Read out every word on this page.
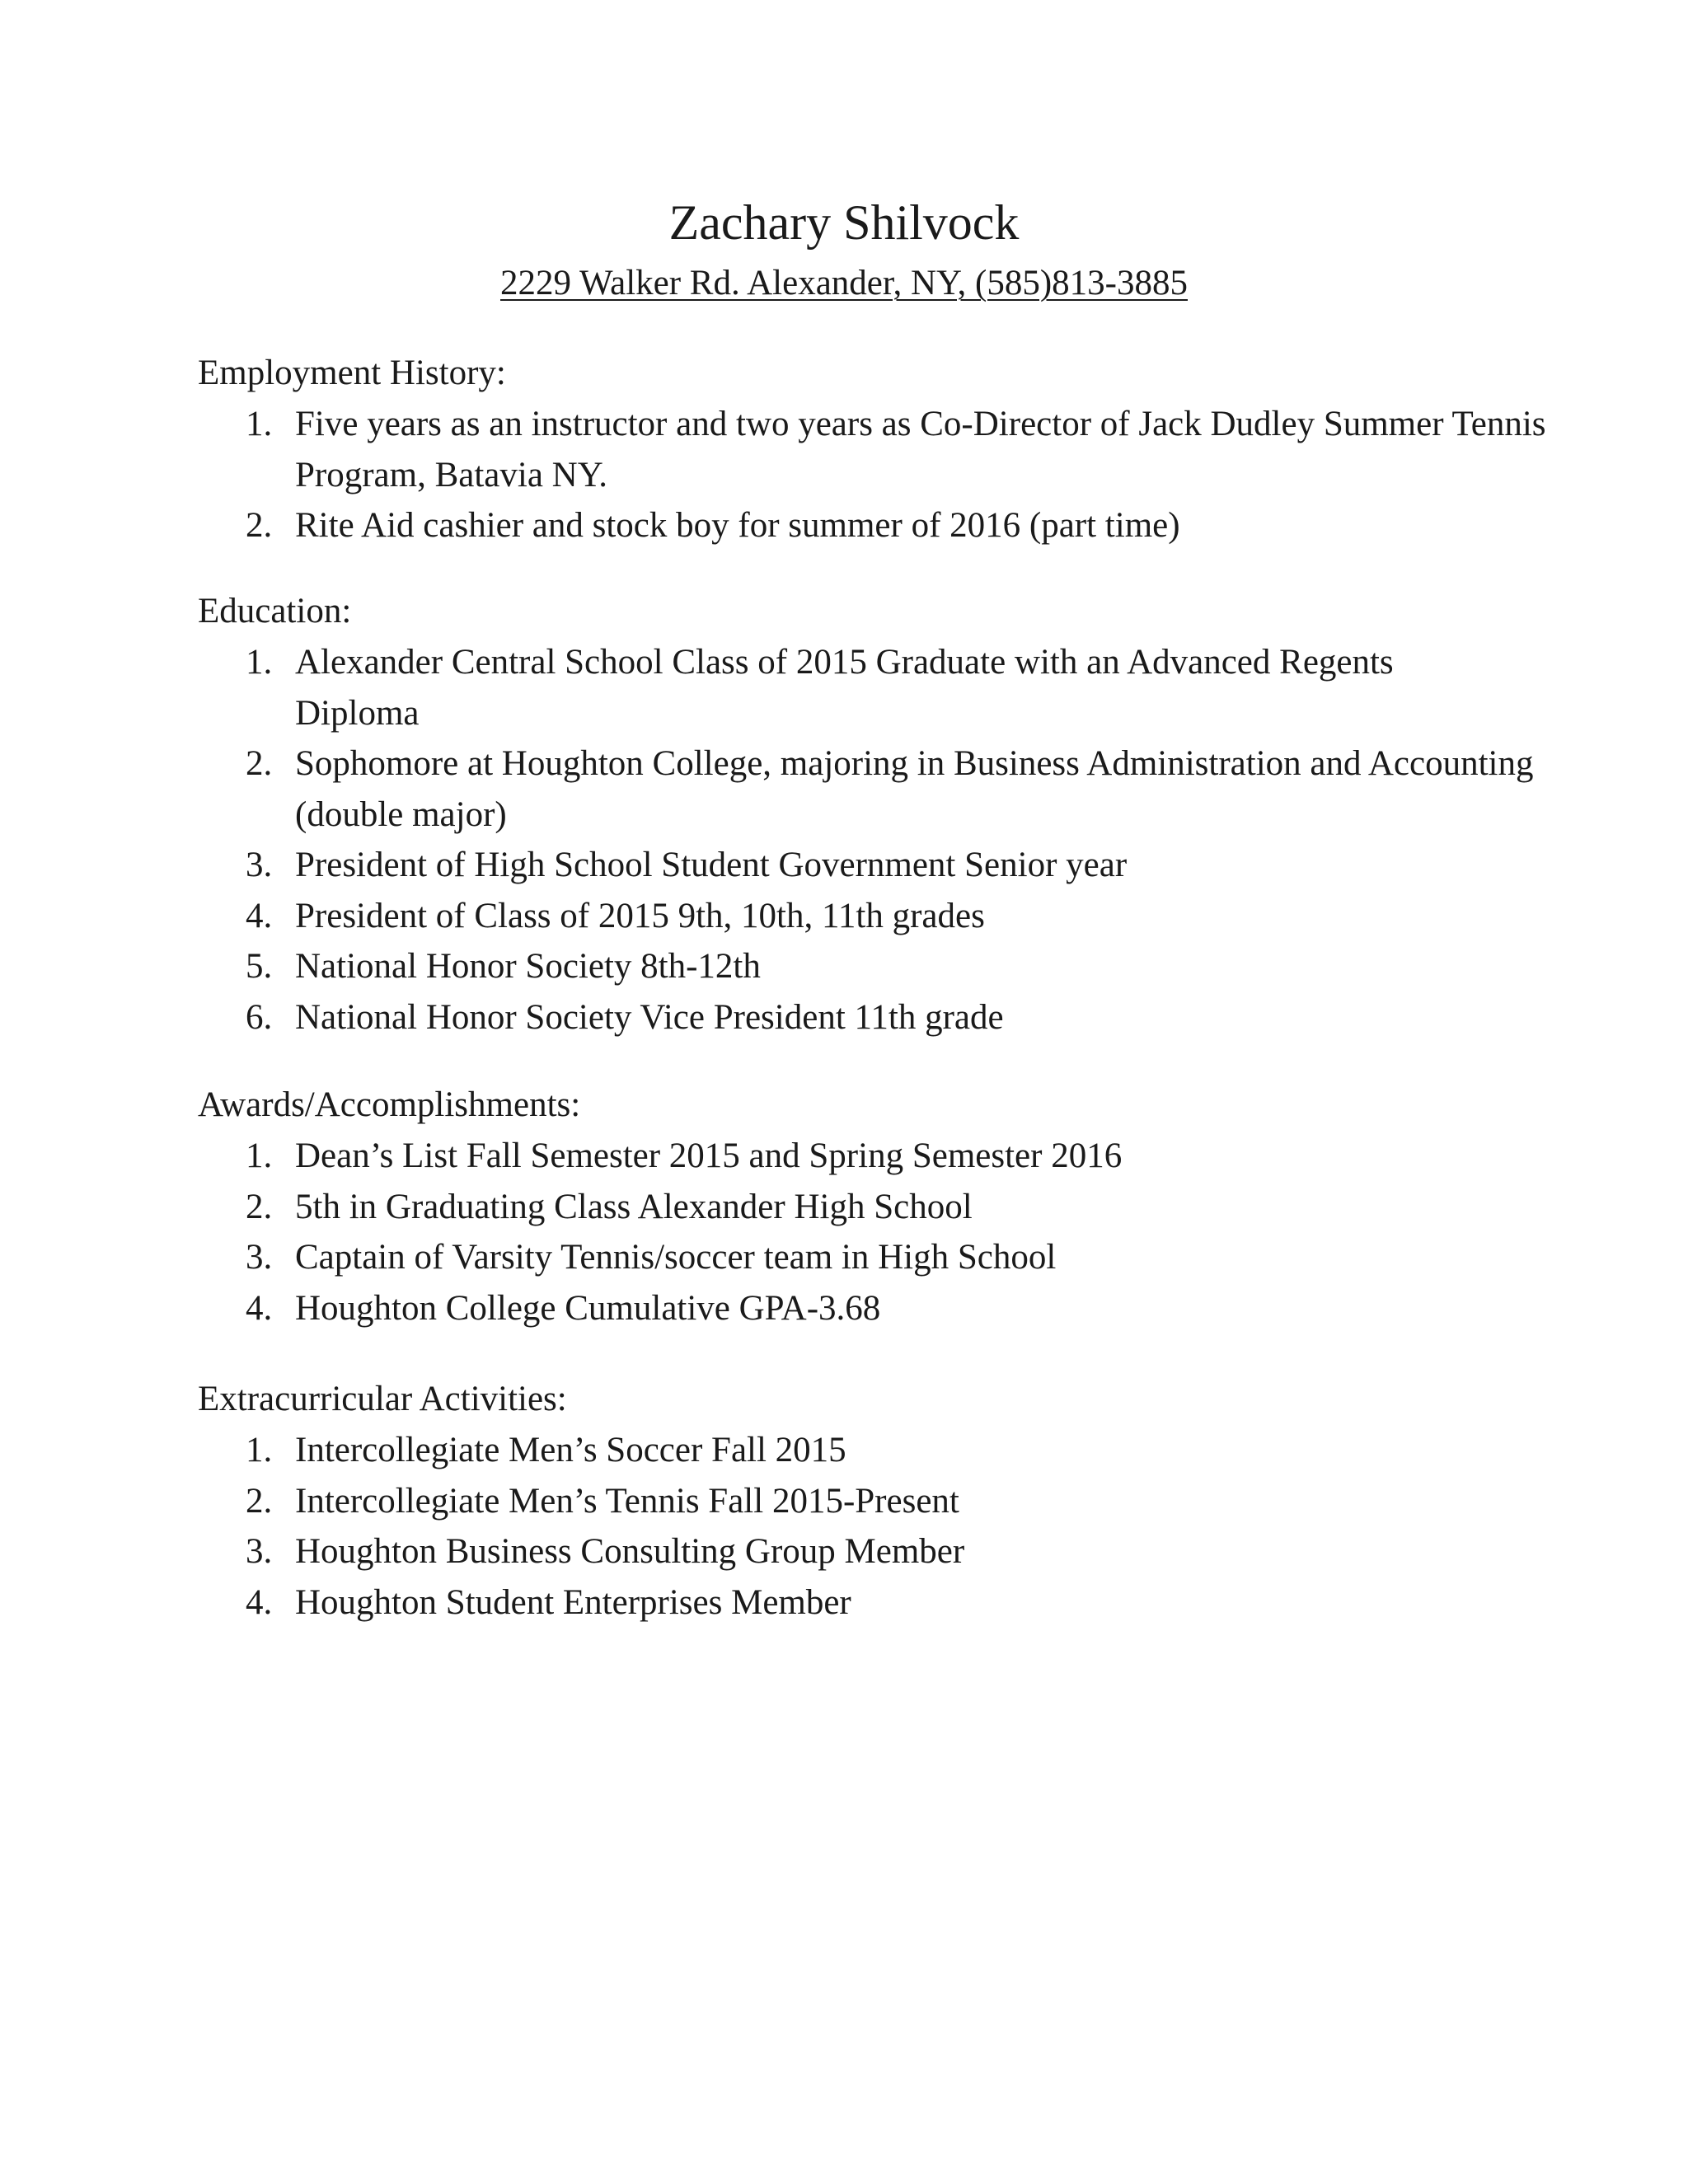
Zachary Shilvock
2229 Walker Rd. Alexander, NY, (585)813-3885
Employment History:
1. Five years as an instructor and two years as Co-Director of Jack Dudley Summer Tennis Program, Batavia NY.
2. Rite Aid cashier and stock boy for summer of 2016 (part time)
Education:
1. Alexander Central School Class of 2015 Graduate with an Advanced Regents Diploma
2. Sophomore at Houghton College, majoring in Business Administration and Accounting (double major)
3. President of High School Student Government Senior year
4. President of Class of 2015 9th, 10th, 11th grades
5. National Honor Society 8th-12th
6. National Honor Society Vice President 11th grade
Awards/Accomplishments:
1. Dean’s List Fall Semester 2015 and Spring Semester 2016
2. 5th in Graduating Class Alexander High School
3. Captain of Varsity Tennis/soccer team in High School
4. Houghton College Cumulative GPA-3.68
Extracurricular Activities:
1. Intercollegiate Men’s Soccer Fall 2015
2. Intercollegiate Men’s Tennis Fall 2015-Present
3. Houghton Business Consulting Group Member
4. Houghton Student Enterprises Member
